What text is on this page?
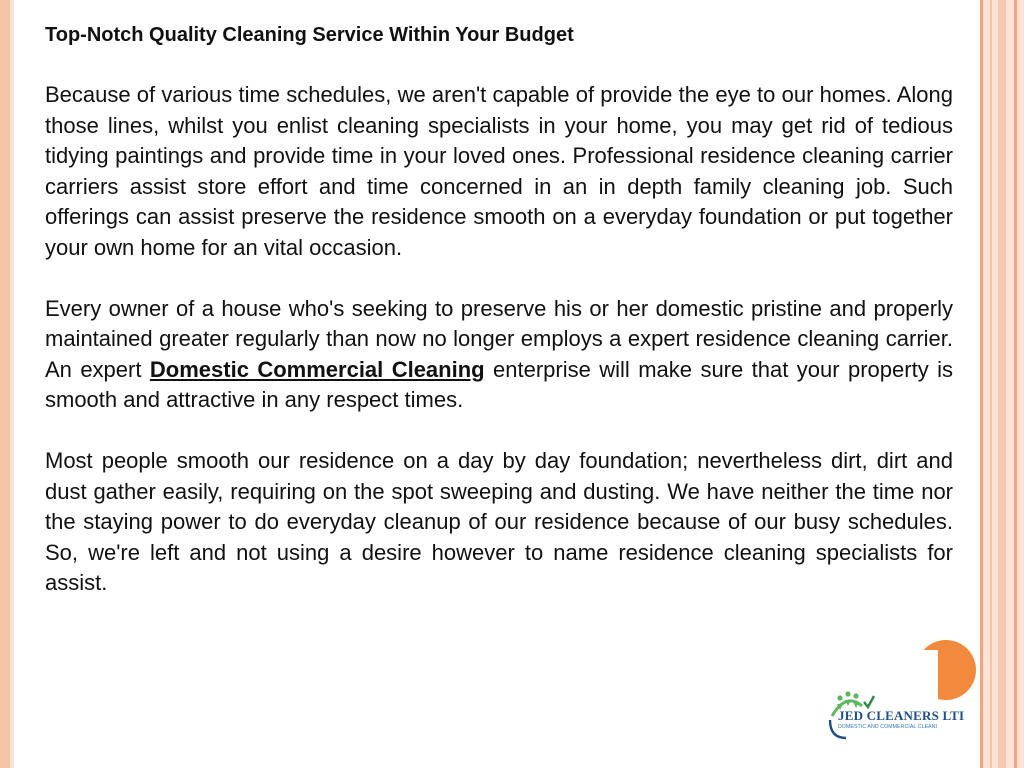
Top-Notch Quality Cleaning Service Within Your Budget

Because of various time schedules, we aren't capable of provide the eye to our homes. Along those lines, whilst you enlist cleaning specialists in your home, you may get rid of tedious tidying paintings and provide time in your loved ones. Professional residence cleaning carrier carriers assist store effort and time concerned in an in depth family cleaning job. Such offerings can assist preserve the residence smooth on a everyday foundation or put together your own home for an vital occasion.

Every owner of a house who's seeking to preserve his or her domestic pristine and properly maintained greater regularly than now no longer employs a expert residence cleaning carrier. An expert Domestic Commercial Cleaning enterprise will make sure that your property is smooth and attractive in any respect times.

Most people smooth our residence on a day by day foundation; nevertheless dirt, dirt and dust gather easily, requiring on the spot sweeping and dusting. We have neither the time nor the staying power to do everyday cleanup of our residence because of our busy schedules. So, we're left and not using a desire however to name residence cleaning specialists for assist.

JED CLEANERS LTI
DOMESTIC AND COMMERCIAL CLEANI
